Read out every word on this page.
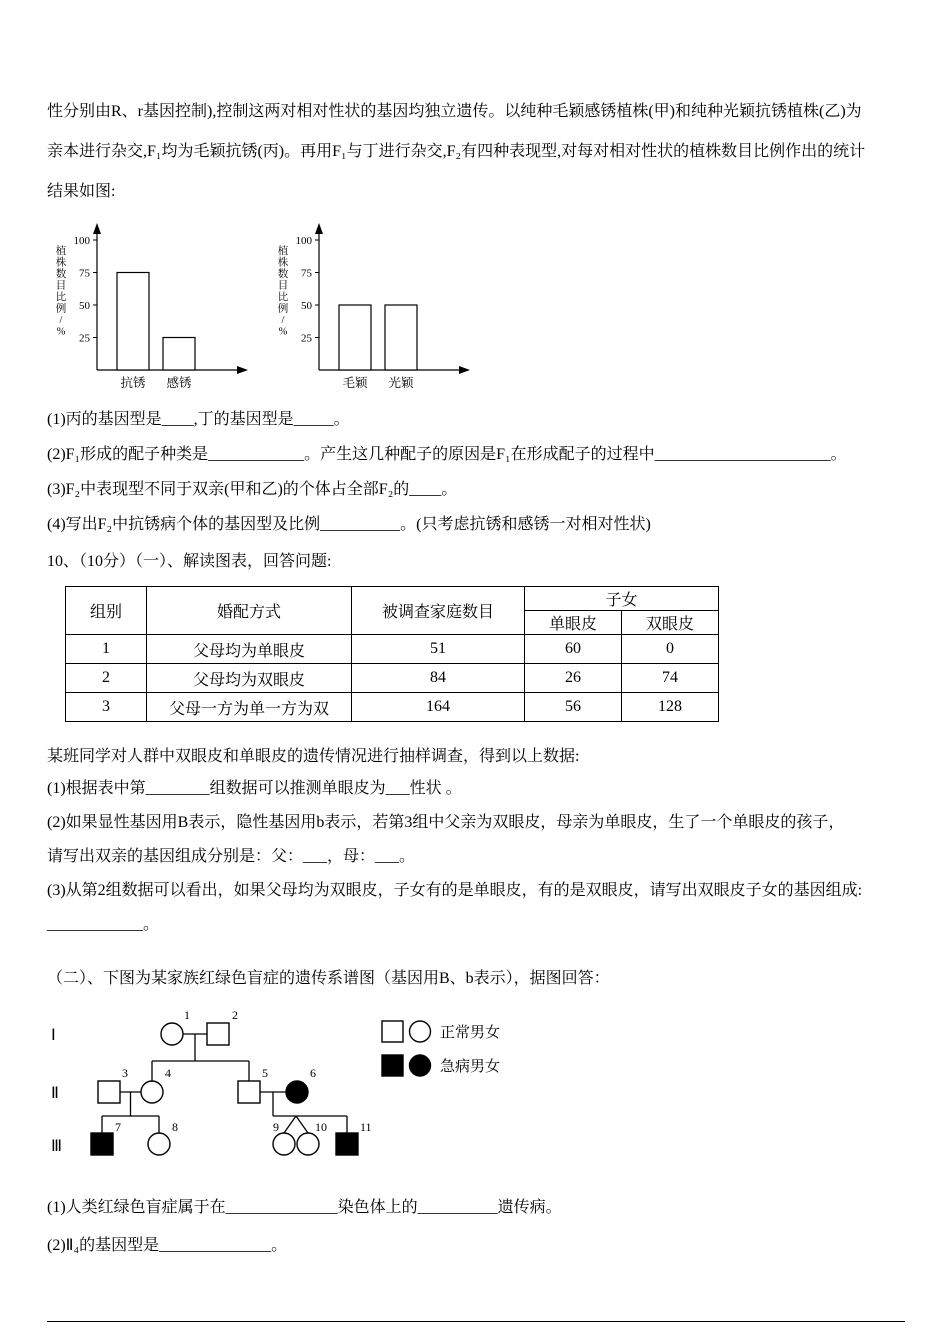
性分别由R、r基因控制),控制这两对相对性状的基因均独立遗传。以纯种毛颖感锈植株(甲)和纯种光颖抗锈植株(乙)为
亲本进行杂交,F₁均为毛颖抗锈(丙)。再用F₁与丁进行杂交,F₂有四种表现型,对每对相对性状的植株数目比例作出的统计
结果如图:
100
75
50
25
抗锈 感锈
植株数目比例/ %
100
75
50
25
毛颖 光颖
植株数目比例/ %
(1)丙的基因型是____,丁的基因型是_____。
(2)F₁形成的配子种类是____________。产生这几种配子的原因是F₁在形成配子的过程中______________________。
(3)F₂中表现型不同于双亲(甲和乙)的个体占全部F₂的____。
(4)写出F₂中抗锈病个体的基因型及比例__________。(只考虑抗锈和感锈一对相对性状)
10、（10分）（一）、解读图表，回答问题:
组别	婚配方式	被调查家庭数目	子女	
			单眼皮	双眼皮
1	父母均为单眼皮	51	60	0
2	父母均为双眼皮	84	26	74
3	父母一方为单一方为双	164	56	128
某班同学对人群中双眼皮和单眼皮的遗传情况进行抽样调查，得到以上数据:
(1)根据表中第________组数据可以推测单眼皮为___性状 。
(2)如果显性基因用B表示，隐性基因用b表示，若第3组中父亲为双眼皮，母亲为单眼皮，生了一个单眼皮的孩子，
请写出双亲的基因组成分别是：父：___，母：___。
(3)从第2组数据可以看出，如果父母均为双眼皮，子女有的是单眼皮，有的是双眼皮，请写出双眼皮子女的基因组成:
____________。
（二）、下图为某家族红绿色盲症的遗传系谱图（基因用B、b表示），据图回答：
Ⅰ
Ⅱ
Ⅲ
1	2
3	4	5	6
7	8	9	10	11
正常男女
急病男女
(1)人类红绿色盲症属于在______________染色体上的__________遗传病。
(2)Ⅱ₄的基因型是______________。
